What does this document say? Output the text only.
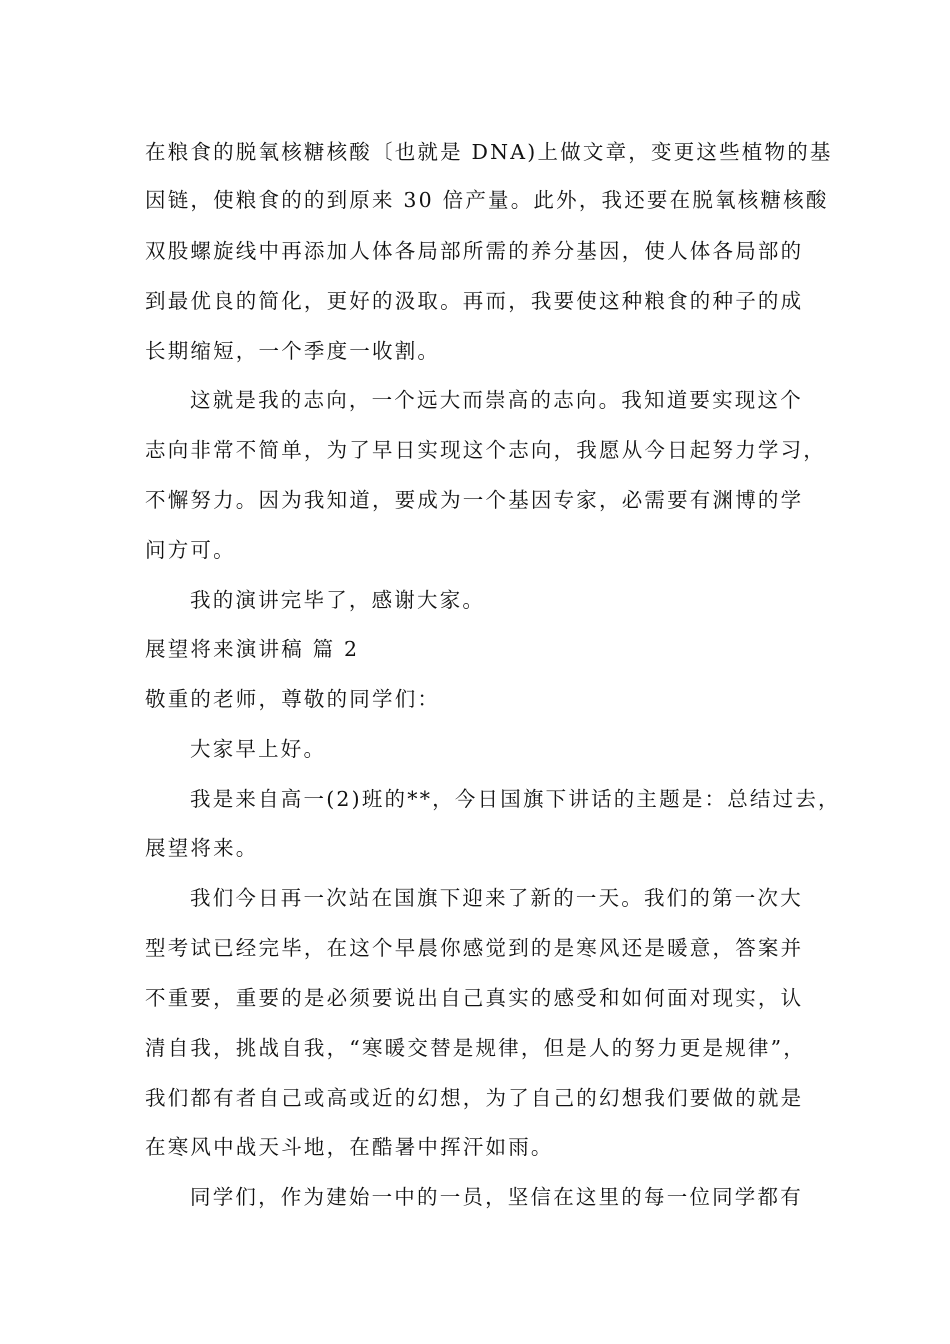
在粮食的脱氧核糖核酸〔也就是 DNA)上做文章，变更这些植物的基
因链，使粮食的的到原来 30 倍产量。此外，我还要在脱氧核糖核酸
双股螺旋线中再添加人体各局部所需的养分基因，使人体各局部的
到最优良的简化，更好的汲取。再而，我要使这种粮食的种子的成
长期缩短，一个季度一收割。
这就是我的志向，一个远大而崇高的志向。我知道要实现这个
志向非常不简单，为了早日实现这个志向，我愿从今日起努力学习，
不懈努力。因为我知道，要成为一个基因专家，必需要有渊博的学
问方可。
我的演讲完毕了，感谢大家。
展望将来演讲稿 篇 2
敬重的老师，尊敬的同学们：
大家早上好。
我是来自高一(2)班的**，今日国旗下讲话的主题是：总结过去，
展望将来。
我们今日再一次站在国旗下迎来了新的一天。我们的第一次大
型考试已经完毕，在这个早晨你感觉到的是寒风还是暖意，答案并
不重要，重要的是必须要说出自己真实的感受和如何面对现实，认
清自我，挑战自我，“寒暖交替是规律，但是人的努力更是规律”，
我们都有者自己或高或近的幻想，为了自己的幻想我们要做的就是
在寒风中战天斗地，在酷暑中挥汗如雨。
同学们，作为建始一中的一员，坚信在这里的每一位同学都有
